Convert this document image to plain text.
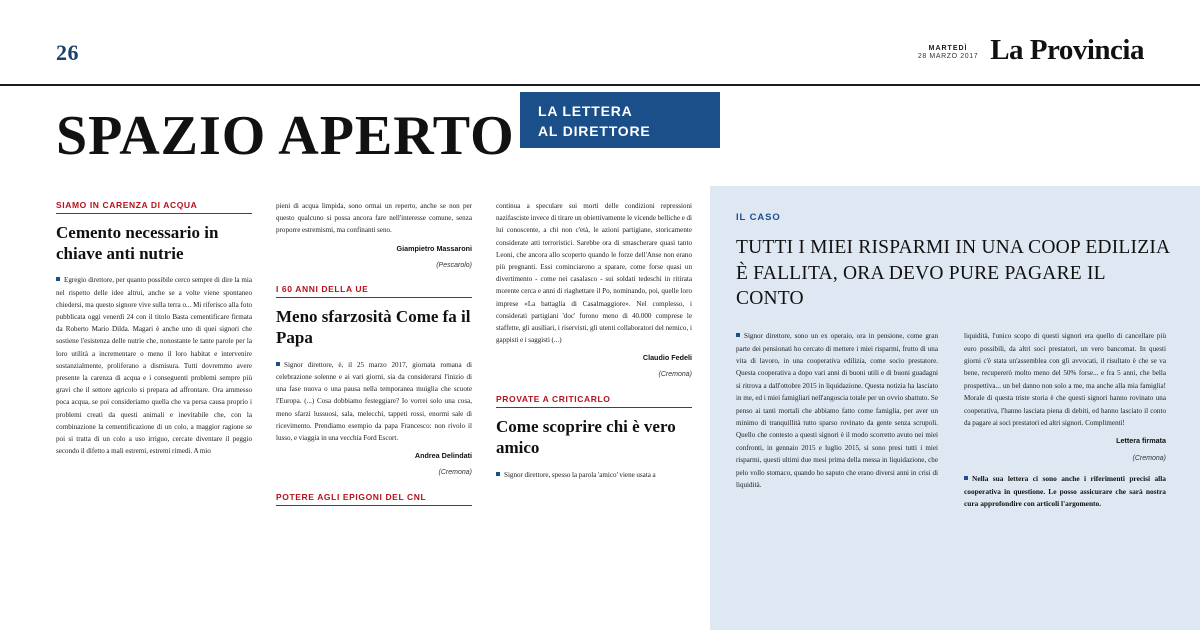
26	MARTEDÌ
28 MARZO 2017 La Provincia
SPAZIO APERTO
IL CASO
TUTTI I MIEI RISPARMI IN UNA COOP EDILIZIA È FALLITA, ORA DEVO PURE PAGARE IL CONTO
Signor direttore, sono un ex operaio, ora in pensione, come gran parte dei pensionati ho cercato di mettere i miei risparmi, frutto di una vita di lavoro, in una cooperativa edilizia, come socio prestatore. Questa cooperativa a dopo vari anni di buoni utili e di buoni guadagni si ritrova a dall'ottobre 2015 in liquidazione. Questa notizia ha lasciato in me, ed i miei famigliari nell'angoscia totale per un ovvio sbattuto. Se penso ai tanti mortali che abbiamo fatto come famiglia, per aver un minimo di tranquillità tutto sparso rovinato da gente senza scrupoli. Quello che contesto a questi signori è il modo scorretto avuto nei miei confronti, in gennaio 2015 e luglio 2015, si sono presi tutti i miei risparmi, questi ultimi due mesi prima della messa in liquidazione, che pelo vollo stomaco, quando ho saputo che erano diversi anni in crisi di liquidità.
liquidità, l'unico scopo di questi signori era quello di cancellare più euro possibili, da altri soci prestatori, un vero bancomat. In questi giorni c'è stata un'assemblea con gli avvocati, il risultato è che se va bene, recupererò molto meno del 50% forse... e fra 5 anni, che bella prospettiva... un bel danno non solo a me, ma anche alla mia famiglia! Morale di questa triste storia è che questi signori hanno rovinato una cooperativa, l'hanno lasciata piena di debiti, ed hanno lasciato il conto da pagare ai soci prestatori ed altri signori. Complimenti!
Lettera firmata
(Cremona)
Nella sua lettera ci sono anche i riferimenti precisi alla cooperativa in questione. Le posso assicurare che sarà nostra cura approfondire con articoli l'argomento.
LA LETTERA
AL DIRETTORE
SIAMO IN CARENZA DI ACQUA
Cemento necessario in chiave anti nutrie
Egregio direttore, per quanto possibile cerco sempre di dire la mia nel rispetto delle idee altrui, anche se a volte viene spontaneo chiedersi, ma questo signore vive sulla terra o... Mi riferisco alla foto pubblicata oggi venerdì 24 con il titolo Basta cementificare firmata da Roberto Mario Dilda. Magari è anche uno di quei signori che sostiene l'esistenza delle nutrie che, nonostante le tante parole per la loro utilità a incrementare o meno il loro habitat e intervenire sostanzialmente, proliferano a dismisura. Tutti dovremmo avere presente la carenza di acqua e i conseguenti problemi sempre più gravi che il settore agricolo si prepara ad affrontare. Ora ammesso poca acqua, se poi consideriamo quella che va persa causa proprio i problemi creati da questi animali e inevitabile che, con la combinazione la cementificazione di un colo, a maggior ragione se poi si tratta di un colo a uso irriguo, cercate diventare il peggio secondo il difetto a mali estremi, estremi rimedi. A mio
pieni di acqua limpida, sono ormai un reperto, anche se non per questo qualcuno si possa ancora fare nell'interesse comune, senza proporre estremismi, ma confinanti seno.
Giampietro Massaroni
(Pescarolo)
I 60 ANNI DELLA UE
Meno sfarzosità Come fa il Papa
Signor direttore, è, il 25 marzo 2017, giornata romana di celebrazione solenne e ai vari giorni, sia da considerarsi l'inizio di una fase nuova o una pausa nella temporanea muiglia che scuote l'Europa. (...) Cosa dobbiamo festeggiare? Io vorrei solo una cosa, meno sfarzi lussuosi, sala, melecchi, tappeti rossi, enormi sale di ricevimento. Prendiamo esempio da papa Francesco: non rivolo il lusso, e viaggia in una vecchia Ford Escort.
Andrea Delindati
(Cremona)
POTERE AGLI EPIGONI DEL CNL
continua a speculare sui morti delle condizioni repressioni nazifasciste invece di tirare un obiettivamente le vicende belliche e di lui conoscente, a chi non c'età, le azioni partigiane, storicamente considerate atti terroristici. Sarebbe ora di smascherare quasi tanto Leoni, che ancora allo scoperto quando le forze dell'Anse non erano più pregnanti. Essi cominciarono a sparare, come forse quasi un divertimento - come nei casalasco - sui soldati tedeschi in ritirata morente cerca e anni di riaghettare il Po, nominando, poi, quelle loro imprese «La battaglia di Casalmaggiore». Nel complesso, i considerati partigiani 'doc' furono meno di 40.000 comprese le staffette, gli ausiliari, i riservisti, gli utenti collaboratori del nemico, i gappisti e i saggisti (...)
Claudio Fedeli
(Cremona)
PROVATE A CRITICARLO
Come scoprire chi è vero amico
Signor direttore, spesso la parola 'amico' viene usata a
